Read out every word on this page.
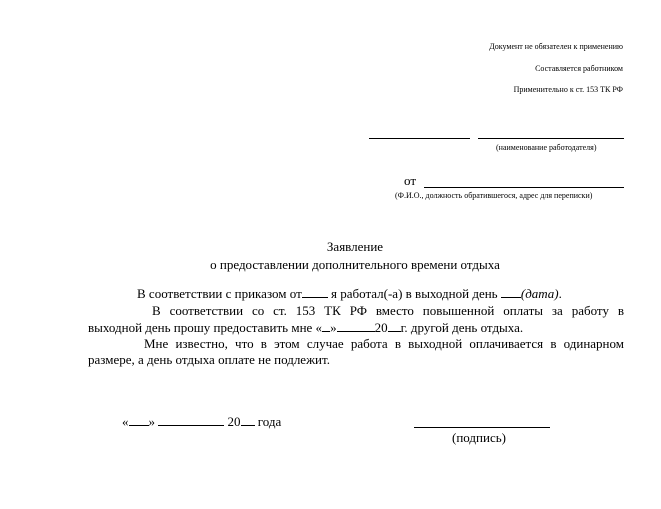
Документ не обязателен к применению
Составляется работником
Применительно к ст. 153 ТК РФ
(наименование работодателя)
от
(Ф.И.О., должность обратившегося, адрес для переписки)
Заявление
о предоставлении дополнительного времени отдыха
В соответствии с приказом от я работал(-а) в выходной день (дата).
В соответствии со ст. 153 ТК РФ вместо повышенной оплаты за работу в
выходной день прошу предоставить мне « »	20 г. другой день отдыха.
Мне известно, что в этом случае работа в выходной оплачивается в одинарном
размере, а день отдыха оплате не подлежит.
« »	20 года
(подпись)
